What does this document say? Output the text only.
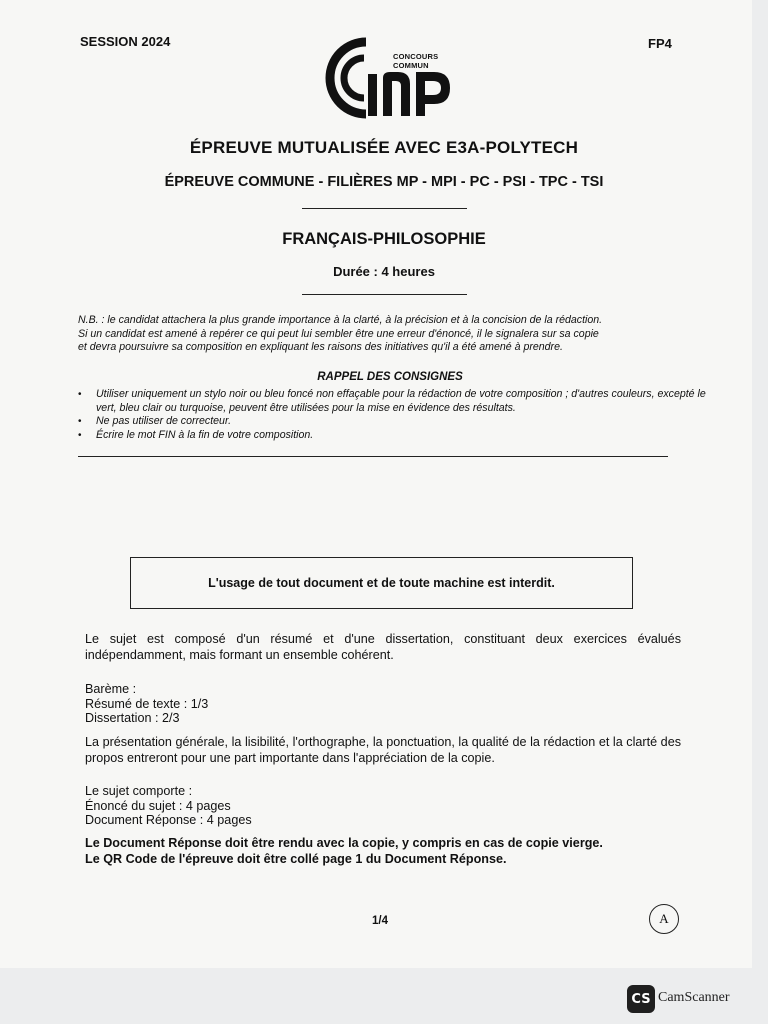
SESSION 2024	FP4
CONCOURS
COMMUN
ÉPREUVE MUTUALISÉE AVEC E3A-POLYTECH
ÉPREUVE COMMUNE - FILIÈRES MP - MPI - PC - PSI - TPC - TSI
FRANÇAIS-PHILOSOPHIE
Durée : 4 heures

N.B. : le candidat attachera la plus grande importance à la clarté, à la précision et à la concision de la rédaction.

Si un candidat est amené à repérer ce qui peut lui sembler être une erreur d'énoncé, il le signalera sur sa copie

et devra poursuivre sa composition en expliquant les raisons des initiatives qu'il a été amené à prendre.

RAPPEL DES CONSIGNES
• Utiliser uniquement un stylo noir ou bleu foncé non effaçable pour la rédaction de votre composition ; d'autres couleurs, excepté le vert, bleu clair ou turquoise, peuvent être utilisées pour la mise en évidence des résultats.
• Ne pas utiliser de correcteur.
• Écrire le mot FIN à la fin de votre composition.
L'usage de tout document et de toute machine est interdit.
Le sujet est composé d'un résumé et d'une dissertation, constituant deux exercices évalués indépendamment, mais formant un ensemble cohérent.
Barème :
Résumé de texte : 1/3
Dissertation : 2/3
La présentation générale, la lisibilité, l'orthographe, la ponctuation, la qualité de la rédaction et la clarté des propos entreront pour une part importante dans l'appréciation de la copie.
Le sujet comporte :
Énoncé du sujet : 4 pages
Document Réponse : 4 pages
Le Document Réponse doit être rendu avec la copie, y compris en cas de copie vierge.
Le QR Code de l'épreuve doit être collé page 1 du Document Réponse.
1/4	A
CS CamScanner
